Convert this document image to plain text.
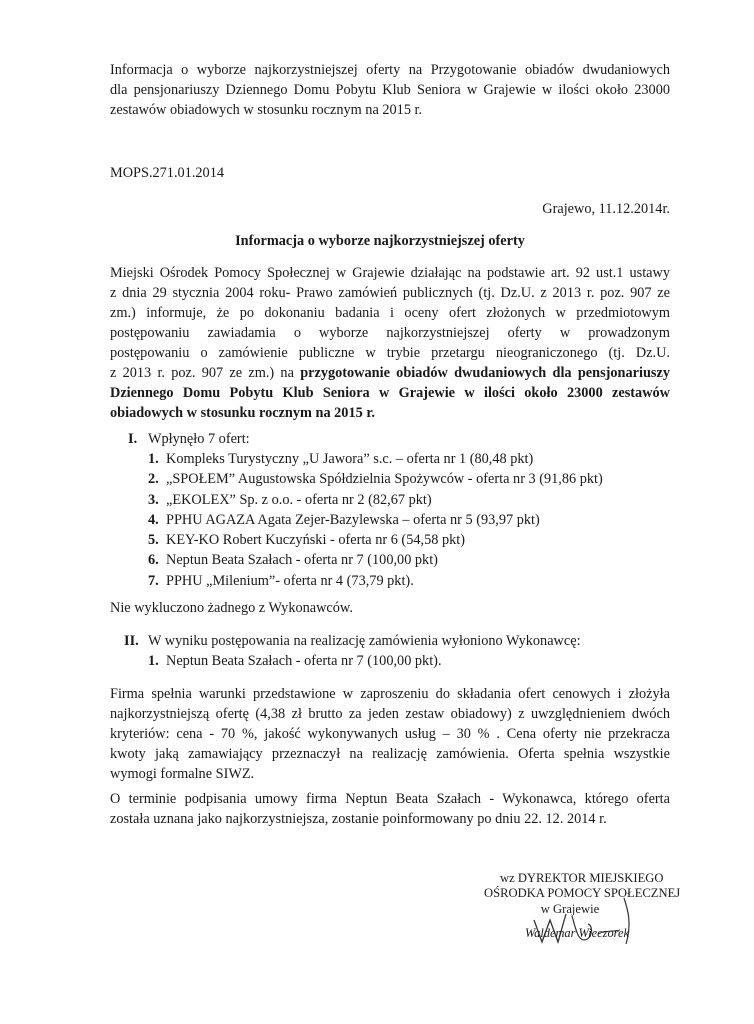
Informacja o wyborze najkorzystniejszej oferty na Przygotowanie obiadów dwudaniowych
dla pensjonariuszy Dziennego Domu Pobytu Klub Seniora w Grajewie w ilości około 23000
zestawów obiadowych w stosunku rocznym na 2015 r.
MOPS.271.01.2014
Grajewo, 11.12.2014r.
Informacja o wyborze najkorzystniejszej oferty
Miejski Ośrodek Pomocy Społecznej w Grajewie działając na podstawie art. 92 ust.1 ustawy
z dnia 29 stycznia 2004 roku- Prawo zamówień publicznych (tj. Dz.U. z 2013 r. poz. 907 ze
zm.) informuje, że po dokonaniu badania i oceny ofert złożonych w przedmiotowym
postępowaniu zawiadamia o wyborze najkorzystniejszej oferty w prowadzonym
postępowaniu o zamówienie publiczne w trybie przetargu nieograniczonego (tj. Dz.U.
z 2013 r. poz. 907 ze zm.) na przygotowanie obiadów dwudaniowych dla pensjonariuszy
Dziennego Domu Pobytu Klub Seniora w Grajewie w ilości około 23000 zestawów
obiadowych w stosunku rocznym na 2015 r.
I. Wpłynęło 7 ofert:
1. Kompleks Turystyczny „U Jawora” s.c. – oferta nr 1 (80,48 pkt)
2. „SPOŁEM” Augustowska Spółdzielnia Spożywców - oferta nr 3 (91,86 pkt)
3. „EKOLEX” Sp. z o.o. - oferta nr 2 (82,67 pkt)
4. PPHU AGAZA Agata Zejer-Bazylewska – oferta nr 5 (93,97 pkt)
5. KEY-KO Robert Kuczyński - oferta nr 6 (54,58 pkt)
6. Neptun Beata Szałach - oferta nr 7 (100,00 pkt)
7. PPHU „Milenium”- oferta nr 4 (73,79 pkt).
Nie wykluczono żadnego z Wykonawców.
II. W wyniku postępowania na realizację zamówienia wyłoniono Wykonawcę:
1. Neptun Beata Szałach - oferta nr 7 (100,00 pkt).
Firma spełnia warunki przedstawione w zaproszeniu do składania ofert cenowych i złożyła
najkorzystniejszą ofertę (4,38 zł brutto za jeden zestaw obiadowy) z uwzględnieniem dwóch
kryteriów: cena - 70 %, jakość wykonywanych usług – 30 % . Cena oferty nie przekracza
kwoty jaką zamawiający przeznaczył na realizację zamówienia. Oferta spełnia wszystkie
wymogi formalne SIWZ.
O terminie podpisania umowy firma Neptun Beata Szałach - Wykonawca, którego oferta
została uznana jako najkorzystniejsza, zostanie poinformowany po dniu 22. 12. 2014 r.
wz DYREKTOR MIEJSKIEGO
OŚRODKA POMOCY SPOŁECZNEJ
w Grajewie
Waldemar Wieczorek
